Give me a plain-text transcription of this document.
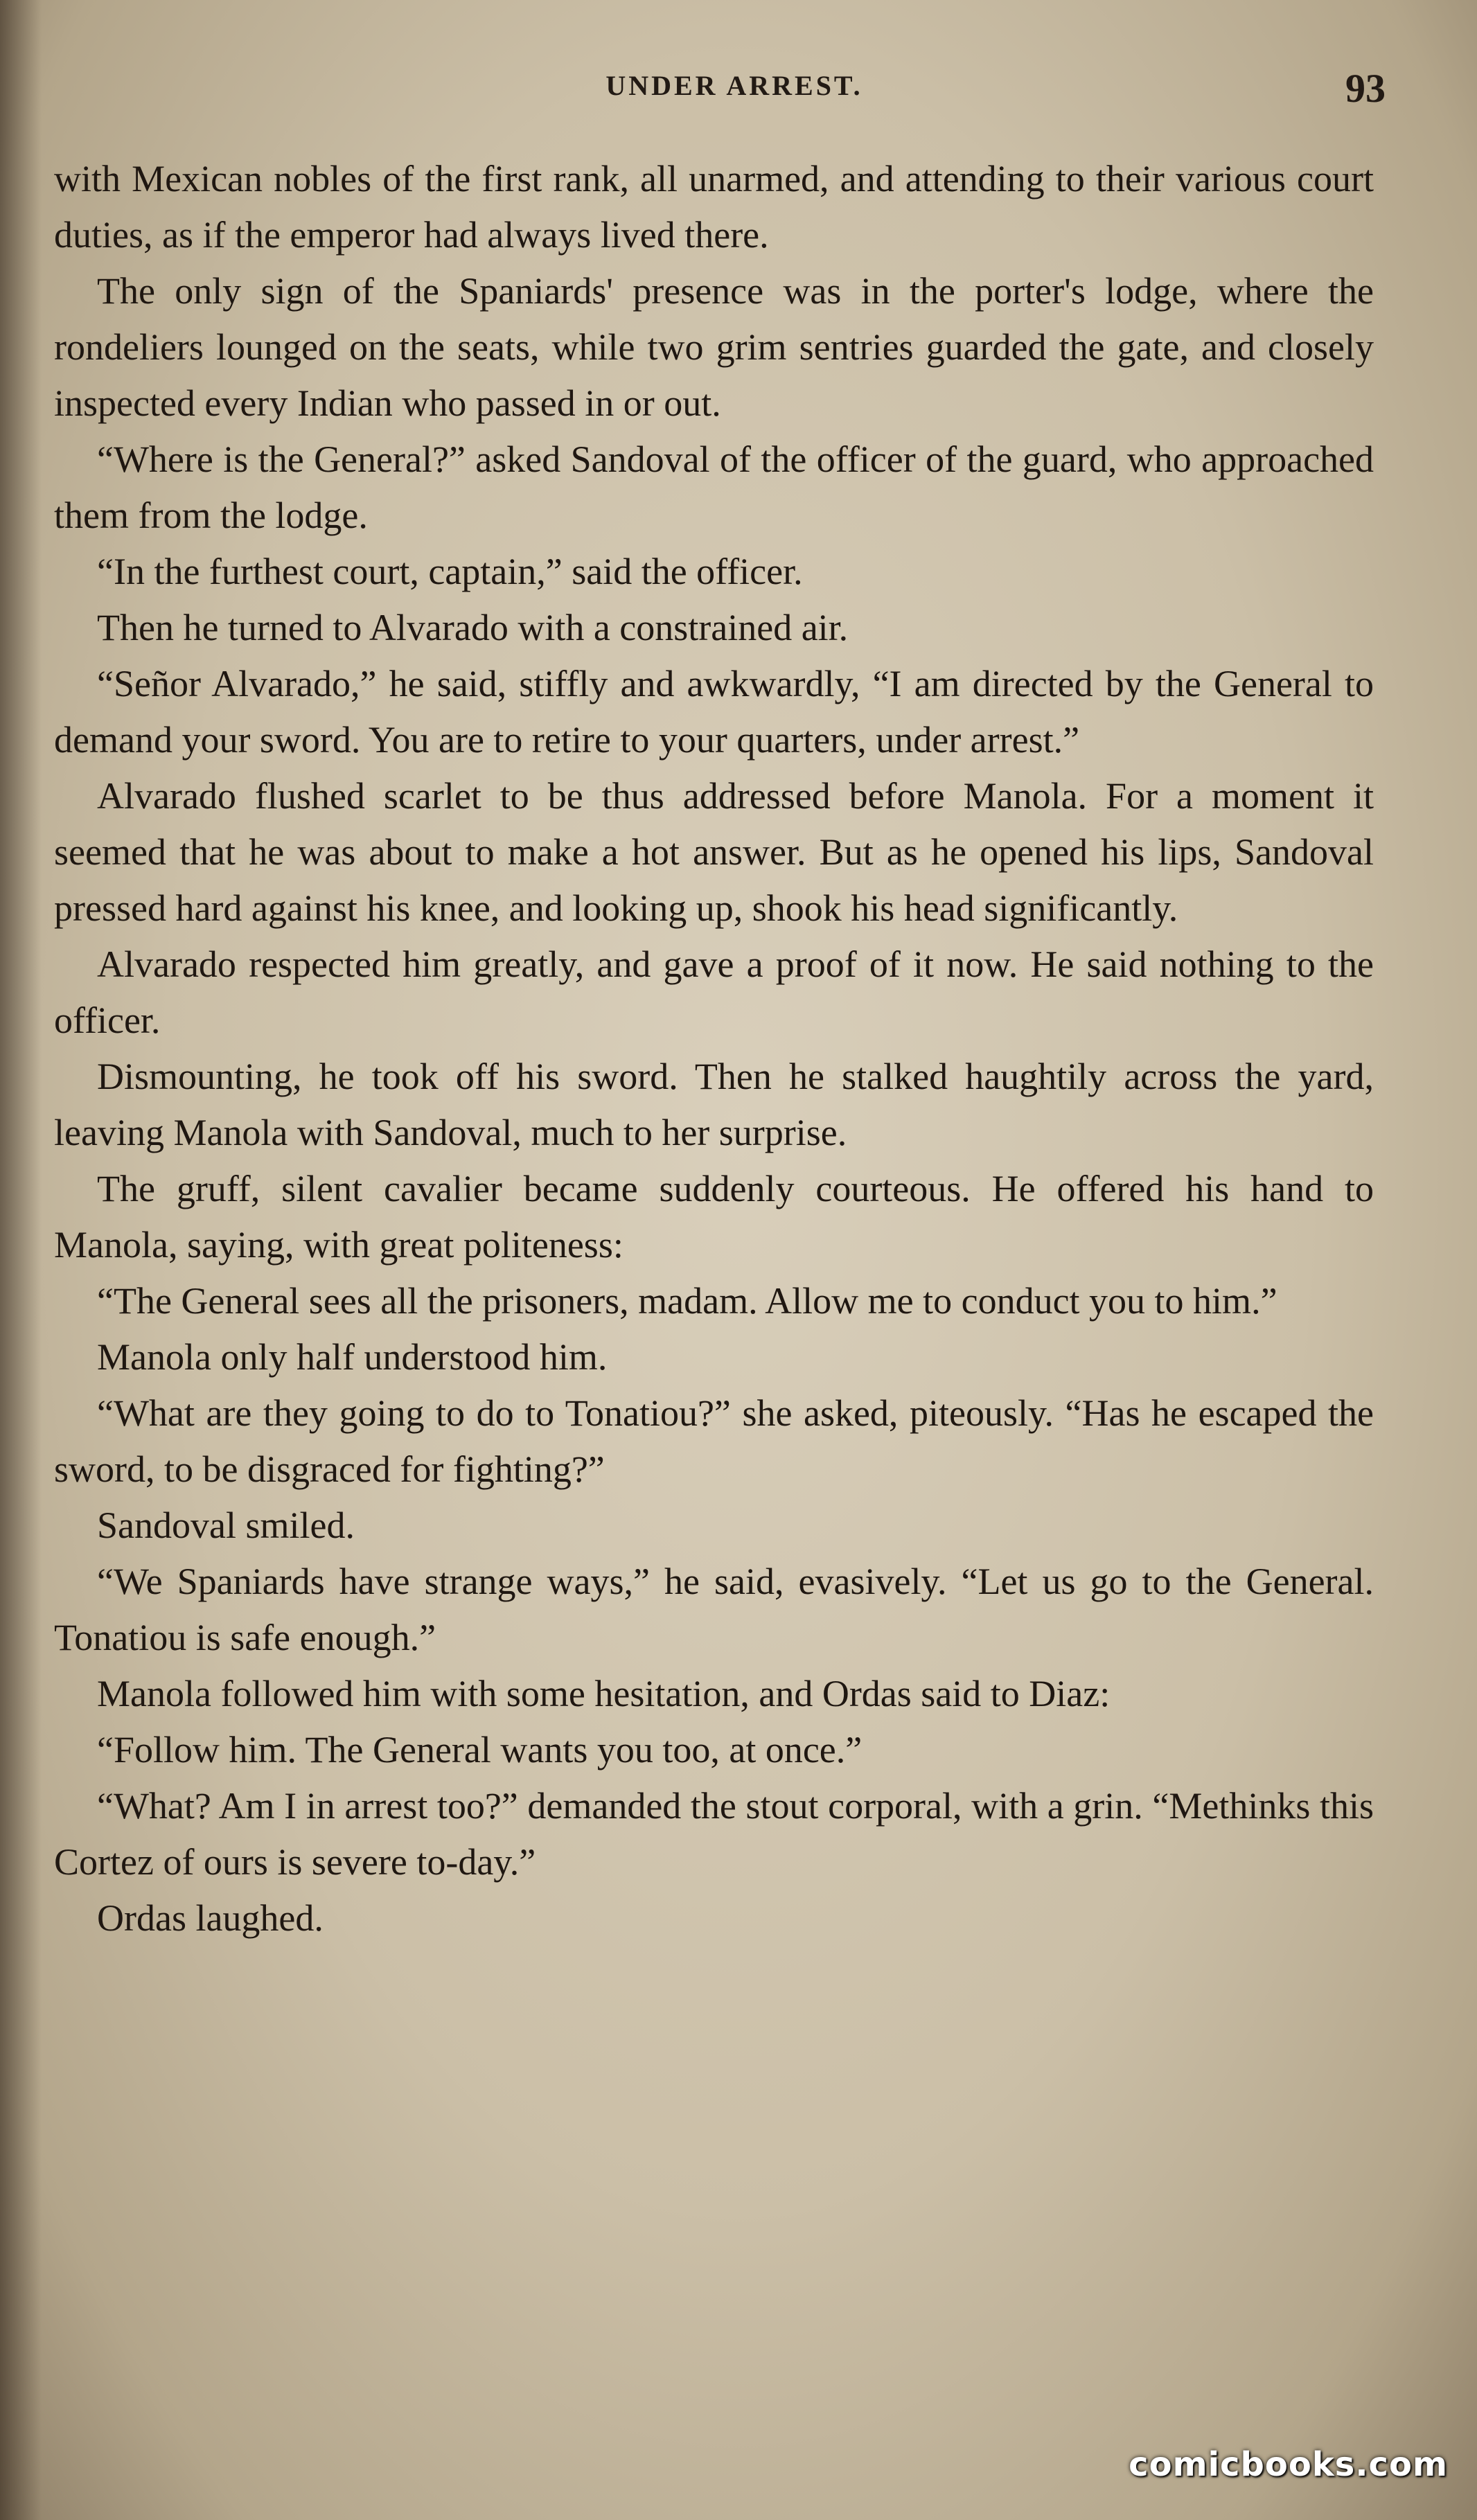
UNDER ARREST.	93

with Mexican nobles of the first rank, all unarmed, and attending to their various court duties, as if the emperor had always lived there.

The only sign of the Spaniards' presence was in the porter's lodge, where the rondeliers lounged on the seats, while two grim sentries guarded the gate, and closely inspected every Indian who passed in or out.

“Where is the General?” asked Sandoval of the officer of the guard, who approached them from the lodge.

“In the furthest court, captain,” said the officer.

Then he turned to Alvarado with a constrained air.

“Señor Alvarado,” he said, stiffly and awkwardly, “I am directed by the General to demand your sword. You are to retire to your quarters, under arrest.”

Alvarado flushed scarlet to be thus addressed before Manola. For a moment it seemed that he was about to make a hot answer. But as he opened his lips, Sandoval pressed hard against his knee, and looking up, shook his head significantly.

Alvarado respected him greatly, and gave a proof of it now. He said nothing to the officer.

Dismounting, he took off his sword. Then he stalked haughtily across the yard, leaving Manola with Sandoval, much to her surprise.

The gruff, silent cavalier became suddenly courteous. He offered his hand to Manola, saying, with great politeness:

“The General sees all the prisoners, madam. Allow me to conduct you to him.”

Manola only half understood him.

“What are they going to do to Tonatiou?” she asked, piteously. “Has he escaped the sword, to be disgraced for fighting?”

Sandoval smiled.

“We Spaniards have strange ways,” he said, evasively. “Let us go to the General. Tonatiou is safe enough.”

Manola followed him with some hesitation, and Ordas said to Diaz:

“Follow him. The General wants you too, at once.”

“What? Am I in arrest too?” demanded the stout corporal, with a grin. “Methinks this Cortez of ours is severe to-day.”

Ordas laughed.

comicbooks.com
